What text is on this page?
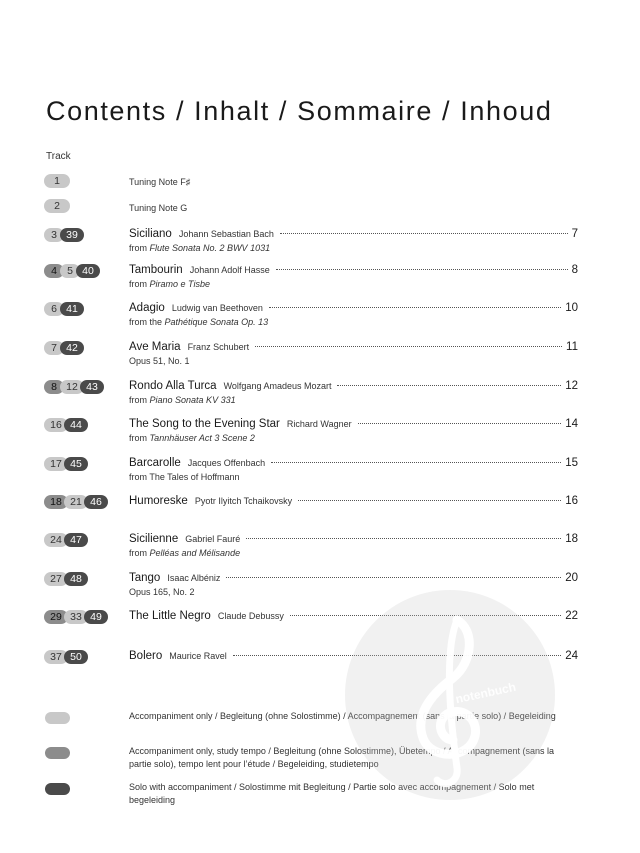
Contents / Inhalt / Sommaire / Inhoud
Track
1	Tuning Note F♯
2	Tuning Note G
3 39	Siciliano Johann Sebastian Bach	7
from Flute Sonata No. 2 BWV 1031
4 5 40	Tambourin Johann Adolf Hasse	8
from Piramo e Tisbe
6 41	Adagio Ludwig van Beethoven	10
from the Pathétique Sonata Op. 13
7 42	Ave Maria Franz Schubert	11
Opus 51, No. 1
8 12 43	Rondo Alla Turca Wolfgang Amadeus Mozart	12
from Piano Sonata KV 331
16 44	The Song to the Evening Star Richard Wagner	14
from Tannhäuser Act 3 Scene 2
17 45	Barcarolle Jacques Offenbach	15
from The Tales of Hoffmann
18 21 46	Humoreske Pyotr Ilyitch Tchaikovsky	16
24 47	Sicilienne Gabriel Fauré	18
from Pelléas and Mélisande
27 48	Tango Isaac Albéniz	20
Opus 165, No. 2
29 33 49	The Little Negro Claude Debussy	22
37 50	Bolero Maurice Ravel	24
Accompaniment only / Begleitung (ohne Solostimme) / Accompagnement (sans la partie solo) / Begeleiding
Accompaniment only, study tempo / Begleitung (ohne Solostimme), Übetempo / Accompagnement (sans la partie solo), tempo lent pour l’étude / Begeleiding, studietempo
Solo with accompaniment / Solostimme mit Begleitung / Partie solo avec accompagnement / Solo met begeleiding
notenbuch
